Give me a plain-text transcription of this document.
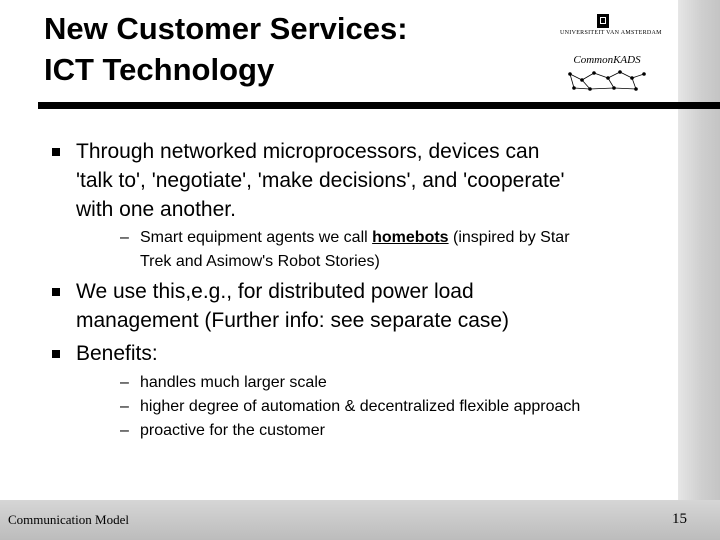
New Customer Services:
ICT Technology
UNIVERSITEIT VAN AMSTERDAM
CommonKADS
Through networked microprocessors, devices can
'talk to', 'negotiate', 'make decisions', and 'cooperate'
with one another.
– Smart equipment agents we call homebots (inspired by Star
Trek and Asimow's Robot Stories)
We use this,e.g., for distributed power load
management (Further info: see separate case)
Benefits:
– handles much larger scale
– higher degree of automation & decentralized flexible approach
– proactive for the customer
Communication Model	15
